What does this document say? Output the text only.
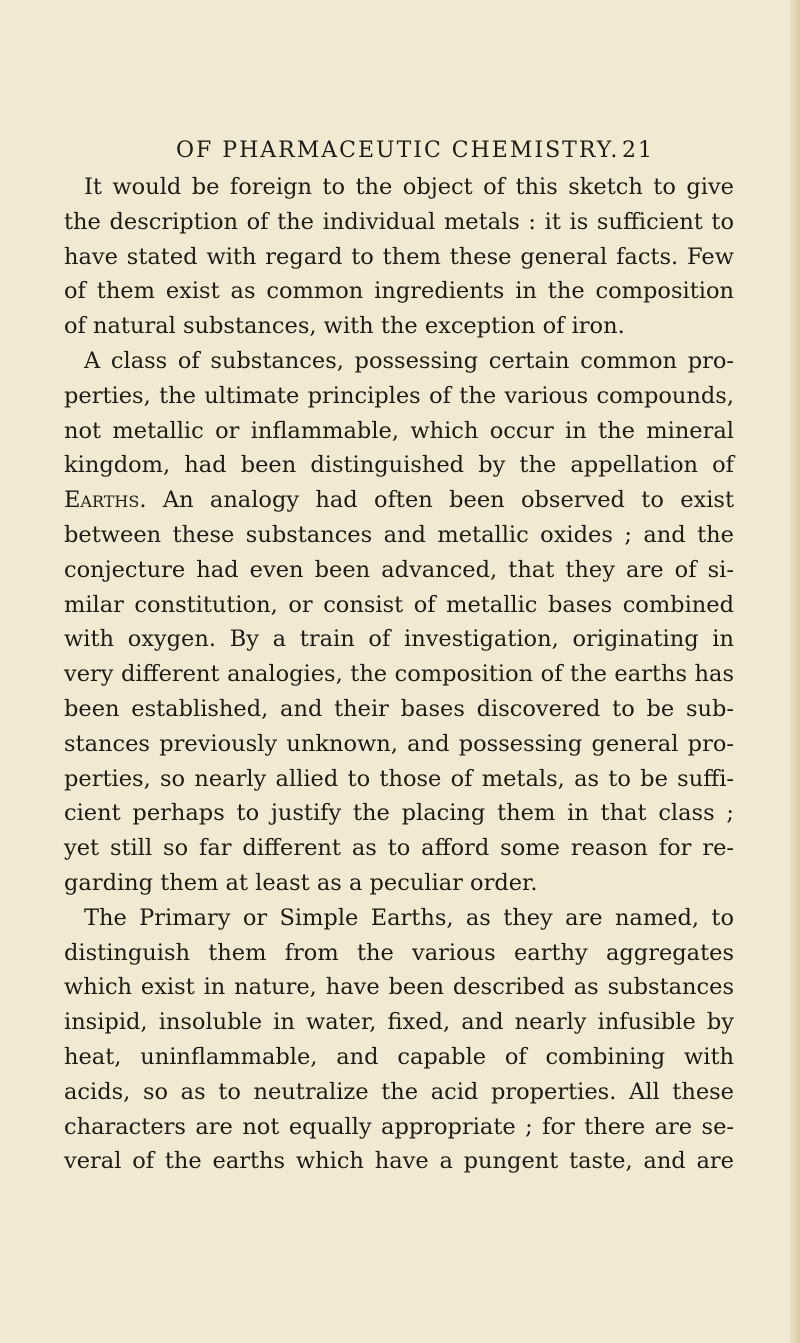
OF PHARMACEUTIC CHEMISTRY. 21
It would be foreign to the object of this sketch to give
the description of the individual metals : it is sufficient to
have stated with regard to them these general facts. Few
of them exist as common ingredients in the composition
of natural substances, with the exception of iron.
A class of substances, possessing certain common pro-
perties, the ultimate principles of the various compounds,
not metallic or inflammable, which occur in the mineral
kingdom, had been distinguished by the appellation of
Earths. An analogy had often been observed to exist
between these substances and metallic oxides ; and the
conjecture had even been advanced, that they are of si-
milar constitution, or consist of metallic bases combined
with oxygen. By a train of investigation, originating in
very different analogies, the composition of the earths has
been established, and their bases discovered to be sub-
stances previously unknown, and possessing general pro-
perties, so nearly allied to those of metals, as to be suffi-
cient perhaps to justify the placing them in that class ;
yet still so far different as to afford some reason for re-
garding them at least as a peculiar order.
The Primary or Simple Earths, as they are named, to
distinguish them from the various earthy aggregates
which exist in nature, have been described as substances
insipid, insoluble in water, fixed, and nearly infusible by
heat, uninflammable, and capable of combining with
acids, so as to neutralize the acid properties. All these
characters are not equally appropriate ; for there are se-
veral of the earths which have a pungent taste, and are
